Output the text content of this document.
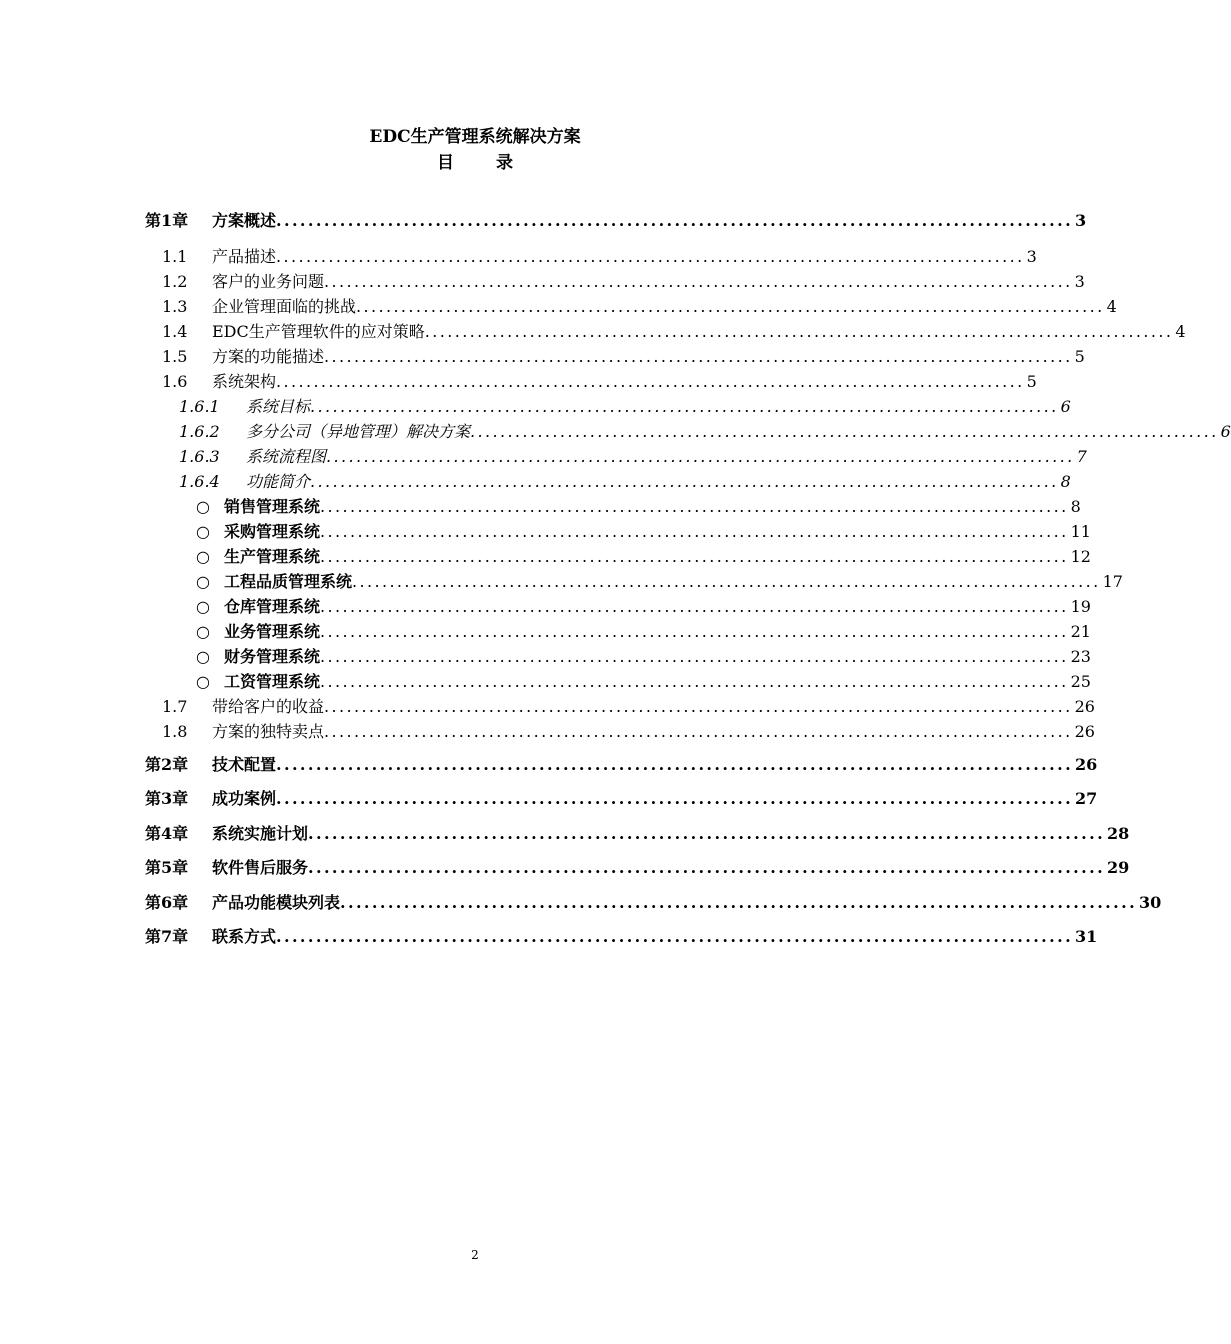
EDC生产管理系统解决方案
目 录
第1章	方案概述 .................................................................................................... 3
1.1	产品描述 .................................................................................................... 3
1.2	客户的业务问题 .................................................................................................... 3
1.3	企业管理面临的挑战 .................................................................................................... 4
1.4	EDC生产管理软件的应对策略 .................................................................................................... 4
1.5	方案的功能描述 .................................................................................................... 5
1.6	系统架构 .................................................................................................... 5
1.6.1	系统目标 .................................................................................................... 6
1.6.2	多分公司（异地管理）解决方案 .................................................................................................... 6
1.6.3	系统流程图 .................................................................................................... 7
1.6.4	功能简介 .................................................................................................... 8
○ 销售管理系统 .................................................................................................... 8
○ 采购管理系统 .................................................................................................... 11
○ 生产管理系统 .................................................................................................... 12
○ 工程品质管理系统 .................................................................................................... 17
○ 仓库管理系统 .................................................................................................... 19
○ 业务管理系统 .................................................................................................... 21
○ 财务管理系统 .................................................................................................... 23
○ 工资管理系统 .................................................................................................... 25
1.7	带给客户的收益 .................................................................................................... 26
1.8	方案的独特卖点 .................................................................................................... 26
第2章	技术配置 .................................................................................................... 26
第3章	成功案例 .................................................................................................... 27
第4章	系统实施计划 .................................................................................................... 28
第5章	软件售后服务 .................................................................................................... 29
第6章	产品功能模块列表 .................................................................................................... 30
第7章	联系方式 .................................................................................................... 31
2
